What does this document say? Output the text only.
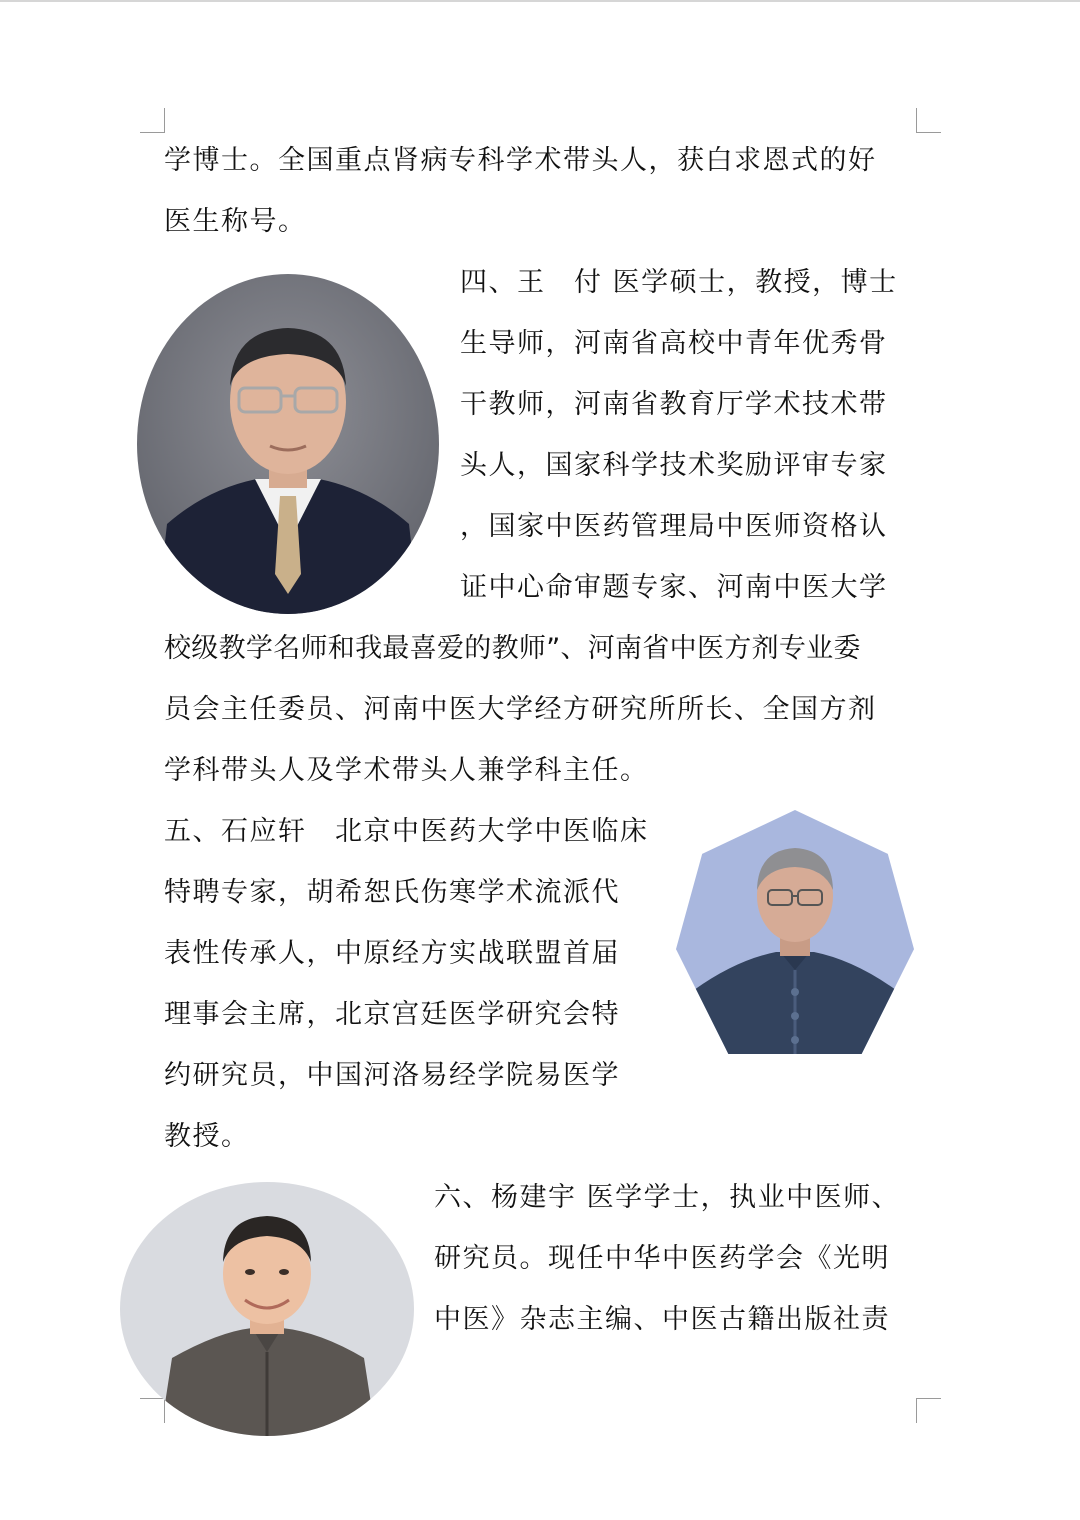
学博士。全国重点肾病专科学术带头人，获白求恩式的好
医生称号。
四、王　付 医学硕士，教授，博士
生导师，河南省高校中青年优秀骨
干教师，河南省教育厅学术技术带
头人，国家科学技术奖励评审专家
，国家中医药管理局中医师资格认
证中心命审题专家、河南中医大学
校级教学名师和我最喜爱的教师”、河南省中医方剂专业委
员会主任委员、河南中医大学经方研究所所长、全国方剂
学科带头人及学术带头人兼学科主任。
五、石应轩　北京中医药大学中医临床
特聘专家，胡希恕氏伤寒学术流派代
表性传承人，中原经方实战联盟首届
理事会主席，北京宫廷医学研究会特
约研究员，中国河洛易经学院易医学
教授。
六、杨建宇 医学学士，执业中医师、
研究员。现任中华中医药学会《光明
中医》杂志主编、中医古籍出版社责
